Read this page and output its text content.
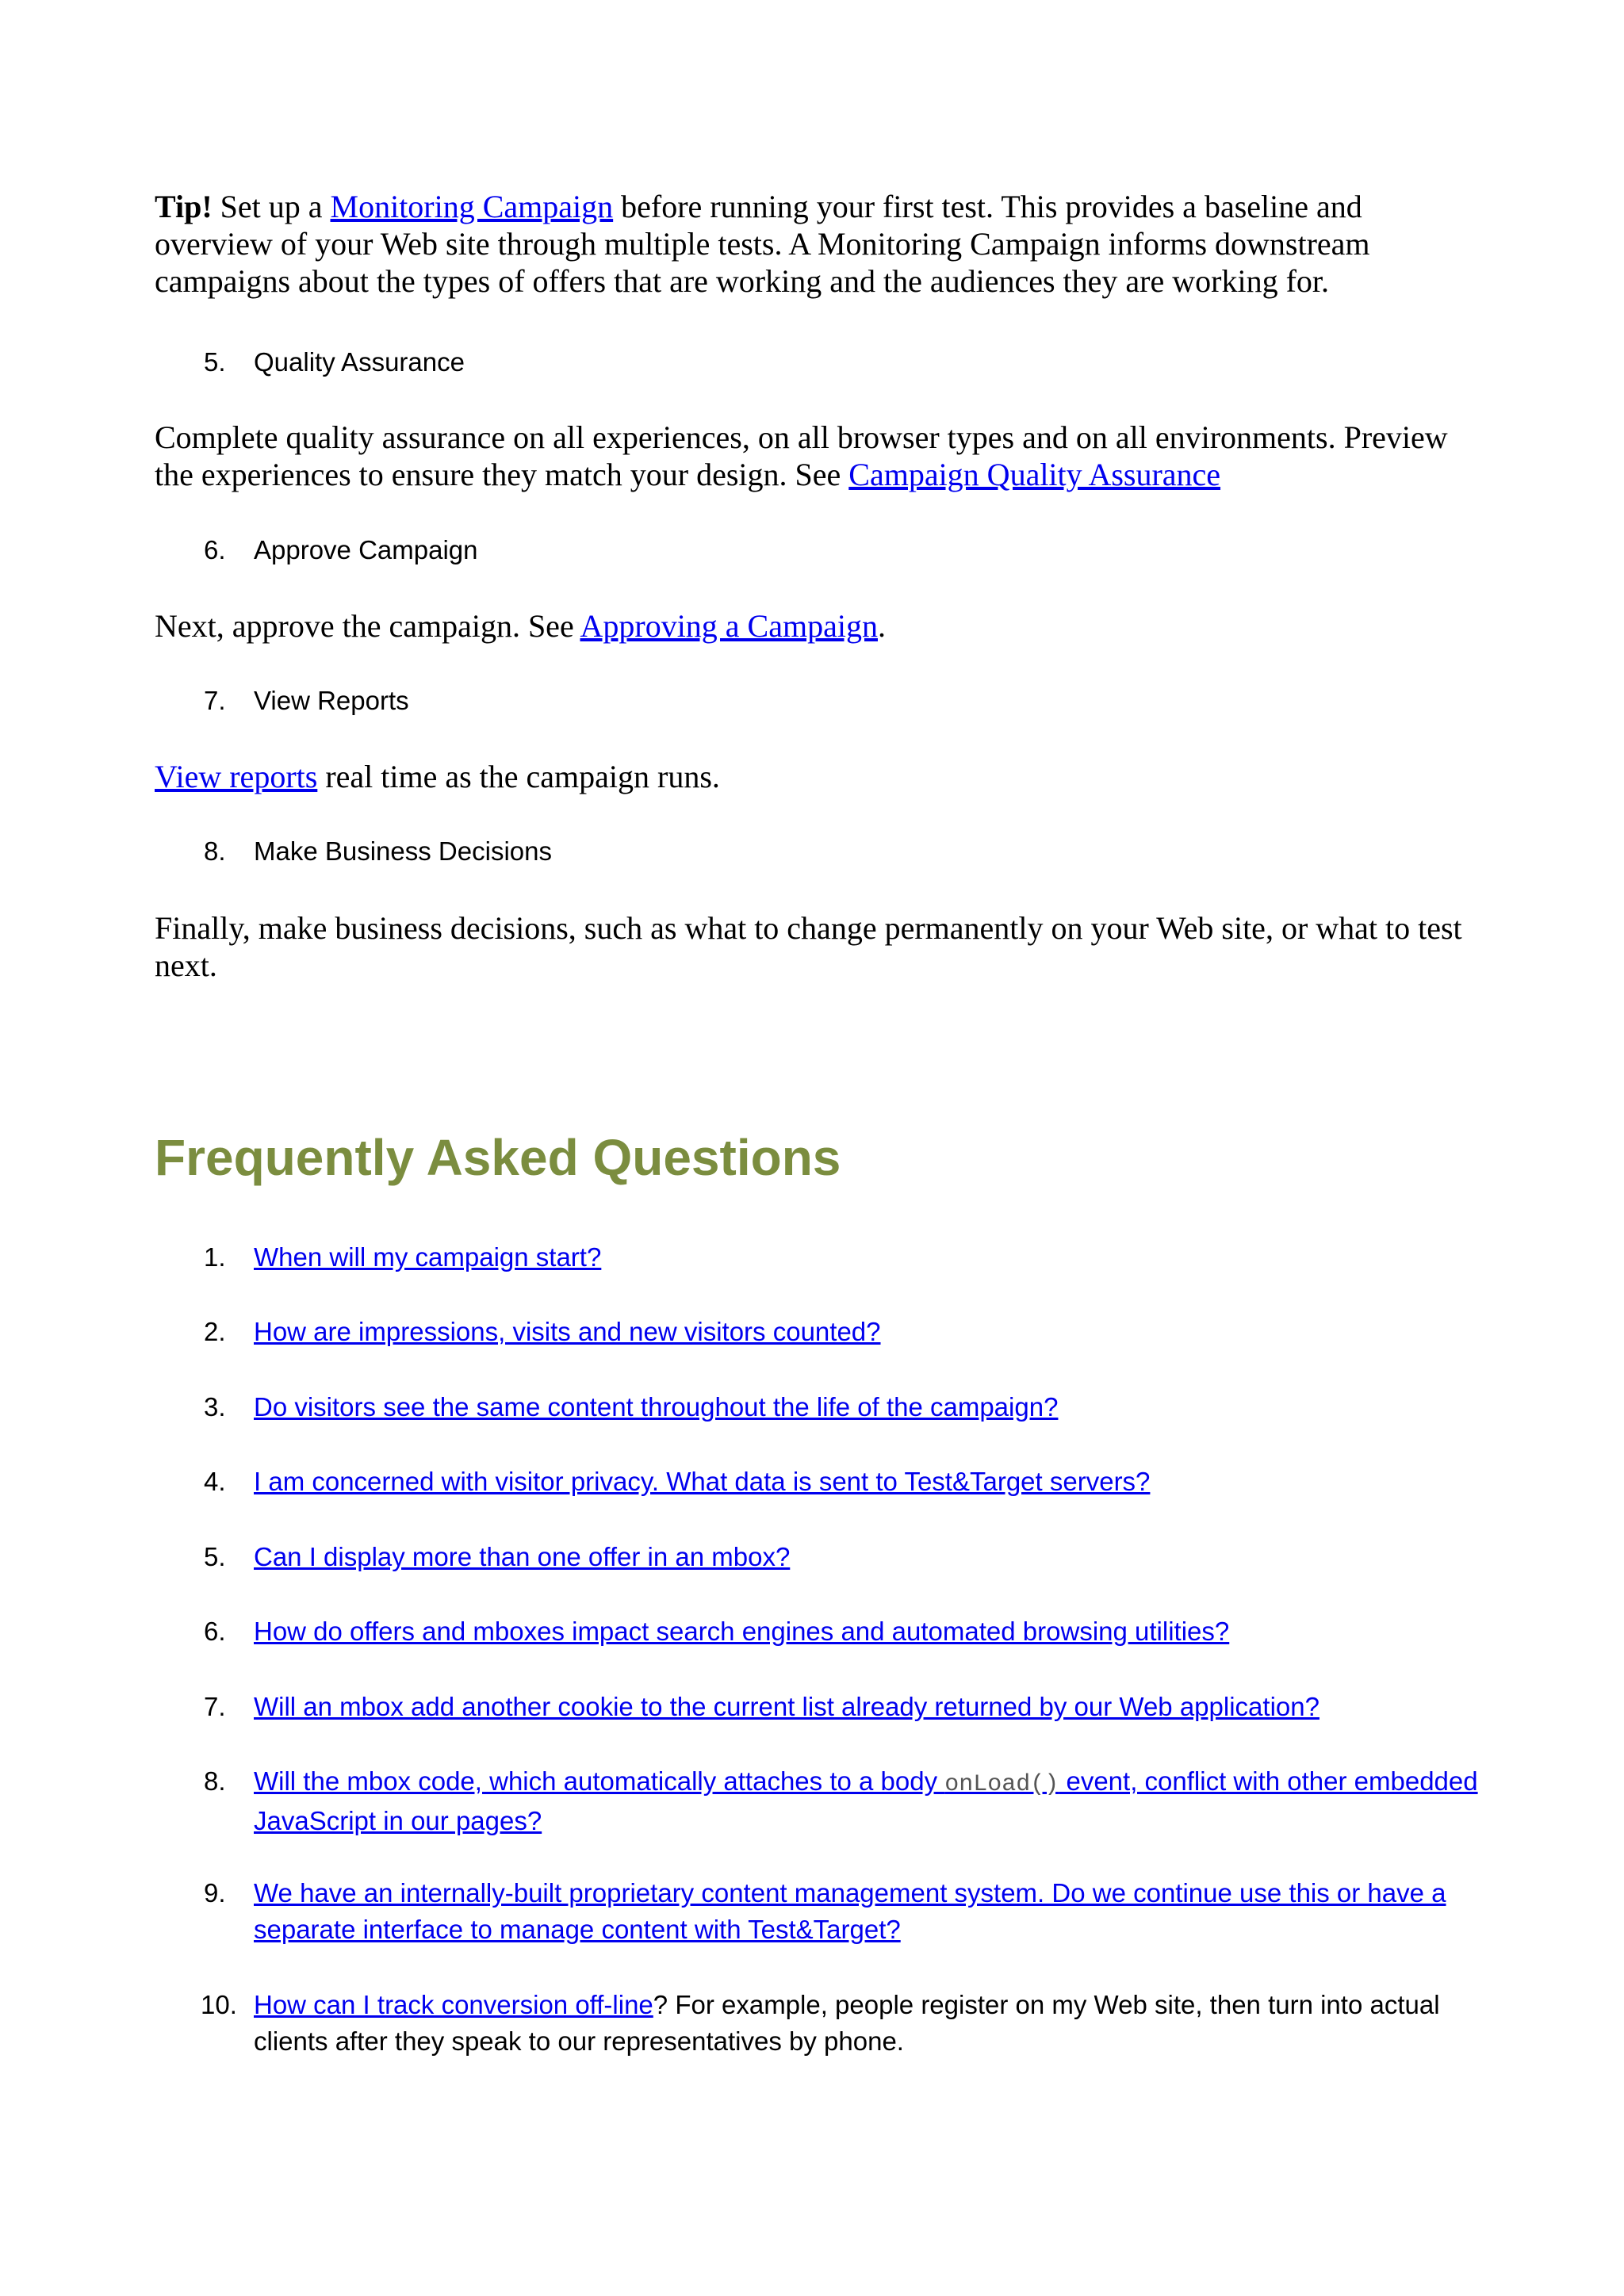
Tip! Set up a Monitoring Campaign before running your first test. This provides a baseline and overview of your Web site through multiple tests. A Monitoring Campaign informs downstream campaigns about the types of offers that are working and the audiences they are working for.
5.	Quality Assurance
Complete quality assurance on all experiences, on all browser types and on all environments. Preview the experiences to ensure they match your design. See Campaign Quality Assurance
6.	Approve Campaign
Next, approve the campaign. See Approving a Campaign.
7.	View Reports
View reports real time as the campaign runs.
8.	Make Business Decisions
Finally, make business decisions, such as what to change permanently on your Web site, or what to test next.
Frequently Asked Questions
1. When will my campaign start?
2. How are impressions, visits and new visitors counted?
3. Do visitors see the same content throughout the life of the campaign?
4. I am concerned with visitor privacy. What data is sent to Test&Target servers?
5. Can I display more than one offer in an mbox?
6. How do offers and mboxes impact search engines and automated browsing utilities?
7. Will an mbox add another cookie to the current list already returned by our Web application?
8. Will the mbox code, which automatically attaches to a body onLoad() event, conflict with other embedded JavaScript in our pages?
9. We have an internally-built proprietary content management system. Do we continue use this or have a separate interface to manage content with Test&Target?
10. How can I track conversion off-line? For example, people register on my Web site, then turn into actual clients after they speak to our representatives by phone.
